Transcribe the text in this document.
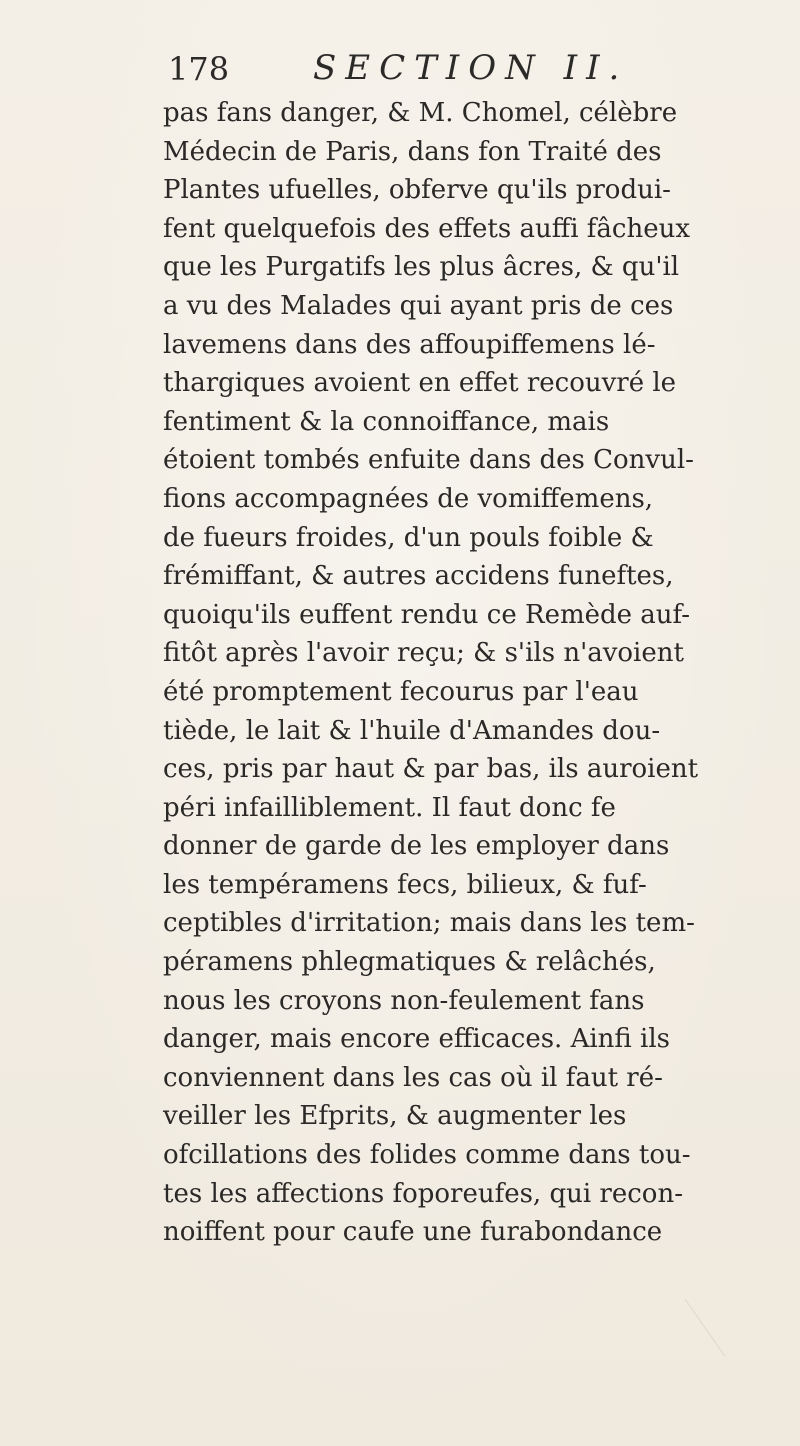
178 SECTION II.
pas fans danger, & M. Chomel, célèbre
Médecin de Paris, dans fon Traité des
Plantes ufuelles, obferve qu'ils produi-
fent quelquefois des effets auffi fâcheux
que les Purgatifs les plus âcres, & qu'il
a vu des Malades qui ayant pris de ces
lavemens dans des affoupiffemens lé-
thargiques avoient en effet recouvré le
fentiment & la connoiffance, mais
étoient tombés enfuite dans des Convul-
fions accompagnées de vomiffemens,
de fueurs froides, d'un pouls foible &
frémiffant, & autres accidens funeftes,
quoiqu'ils euffent rendu ce Remède auf-
fitôt après l'avoir reçu; & s'ils n'avoient
été promptement fecourus par l'eau
tiède, le lait & l'huile d'Amandes dou-
ces, pris par haut & par bas, ils auroient
péri infailliblement. Il faut donc fe
donner de garde de les employer dans
les tempéramens fecs, bilieux, & fuf-
ceptibles d'irritation; mais dans les tem-
péramens phlegmatiques & relâchés,
nous les croyons non-feulement fans
danger, mais encore efficaces. Ainfi ils
conviennent dans les cas où il faut ré-
veiller les Efprits, & augmenter les
ofcillations des folides comme dans tou-
tes les affections foporeufes, qui recon-
noiffent pour caufe une furabondance
